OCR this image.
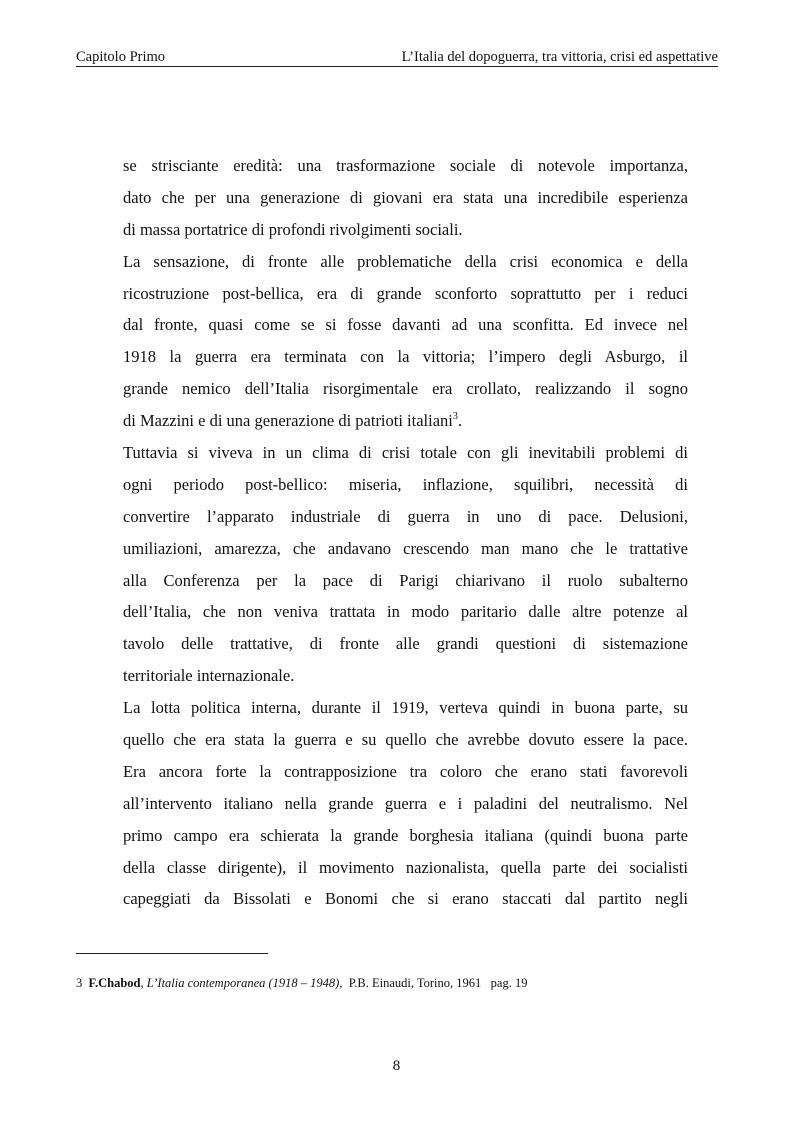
Capitolo Primo	L’Italia del dopoguerra, tra vittoria, crisi ed aspettative
se strisciante eredità: una trasformazione sociale di notevole importanza,
dato che per una generazione di giovani era stata una incredibile esperienza
di massa portatrice di profondi rivolgimenti sociali.
La sensazione, di fronte alle problematiche della crisi economica e della
ricostruzione post-bellica, era di grande sconforto soprattutto per i reduci
dal fronte, quasi come se si fosse davanti ad una sconfitta. Ed invece nel
1918 la guerra era terminata con la vittoria; l’impero degli Asburgo, il
grande nemico dell’Italia risorgimentale era crollato, realizzando il sogno
di Mazzini e di una generazione di patrioti italiani$^3$.
Tuttavia si viveva in un clima di crisi totale con gli inevitabili problemi di
ogni periodo post-bellico: miseria, inflazione, squilibri, necessità di
convertire l’apparato industriale di guerra in uno di pace. Delusioni,
umiliazioni, amarezza, che andavano crescendo man mano che le trattative
alla Conferenza per la pace di Parigi chiarivano il ruolo subalterno
dell’Italia, che non veniva trattata in modo paritario dalle altre potenze al
tavolo delle trattative, di fronte alle grandi questioni di sistemazione
territoriale internazionale.
La lotta politica interna, durante il 1919, verteva quindi in buona parte, su
quello che era stata la guerra e su quello che avrebbe dovuto essere la pace.
Era ancora forte la contrapposizione tra coloro che erano stati favorevoli
all’intervento italiano nella grande guerra e i paladini del neutralismo. Nel
primo campo era schierata la grande borghesia italiana (quindi buona parte
della classe dirigente), il movimento nazionalista, quella parte dei socialisti
capeggiati da Bissolati e Bonomi che si erano staccati dal partito negli
3 F.Chabod, L’Italia contemporanea (1918 – 1948), P.B. Einaudi, Torino, 1961 pag. 19
8
